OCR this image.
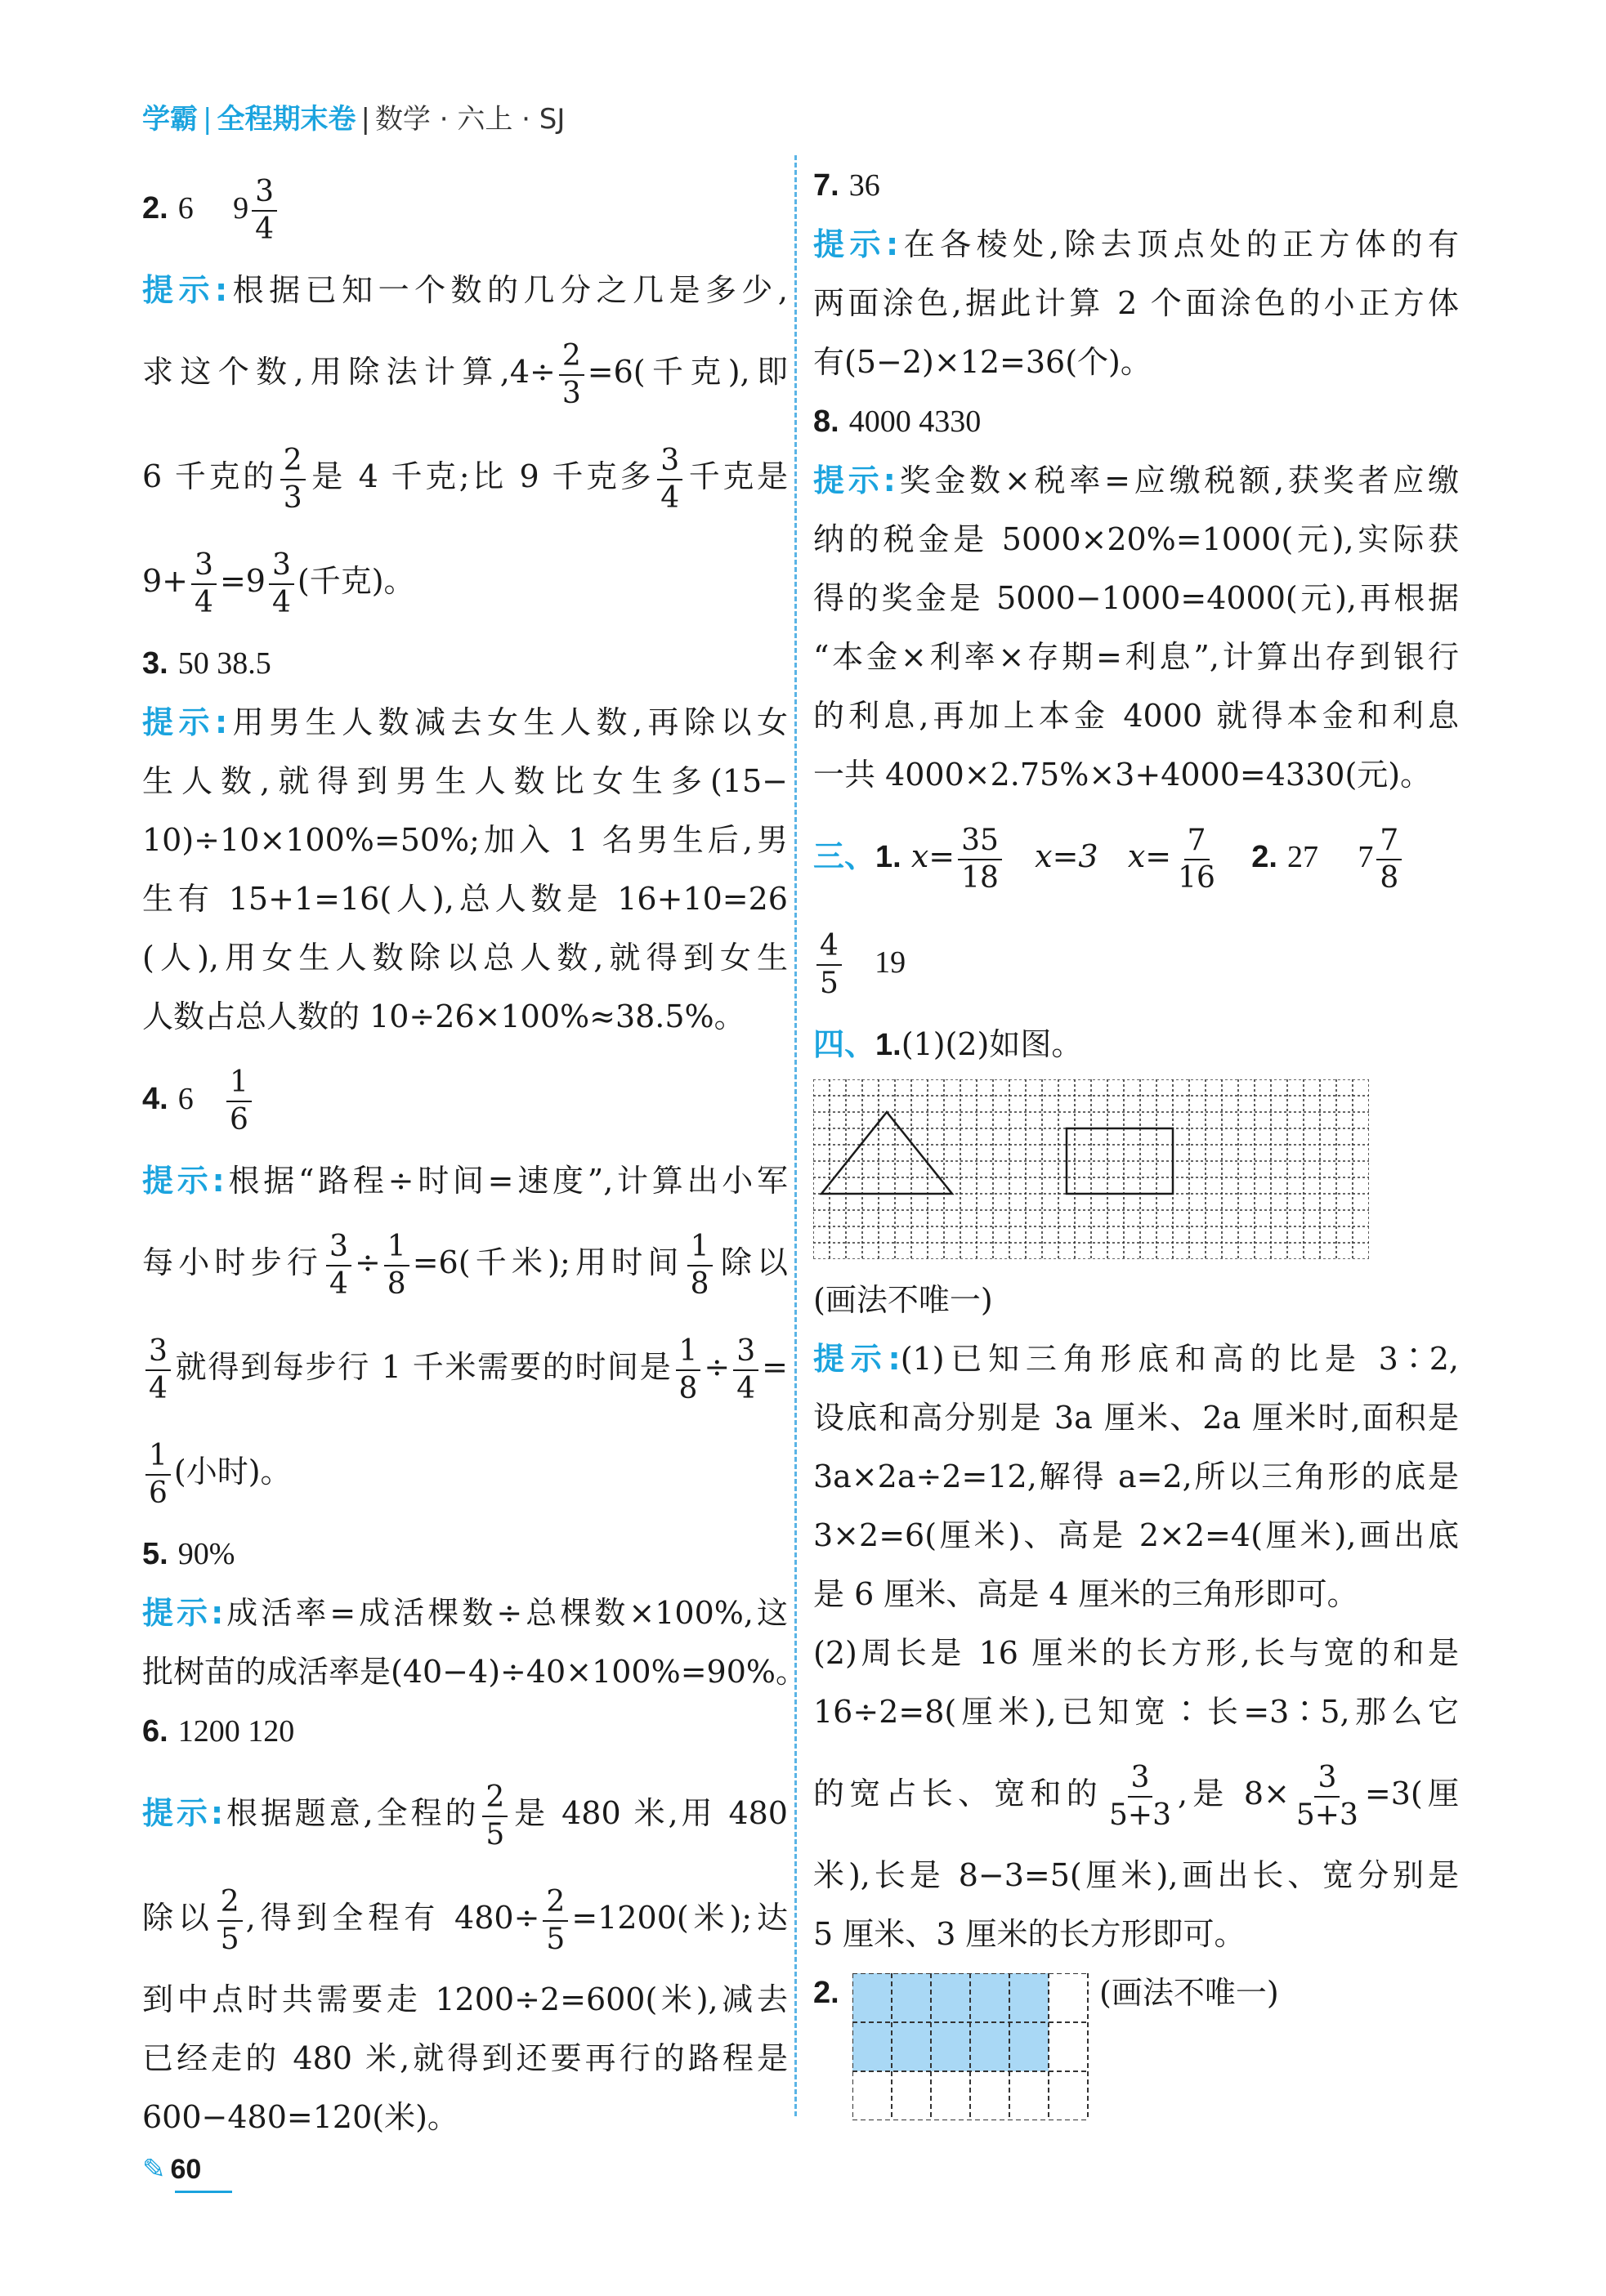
学霸 | 全程期末卷 | 数学 · 六上 · SJ
2. 6 $9 \frac{3}{4}$
提示:根据已知一个数的几分之几是多少,
求这个数,用除法计算$,4\div \frac{2}{3} =6$(千克),即
6 千克的 $\frac{2}{3}$ 是 4 千克;比 9 千克多 $\frac{3}{4}$ 千克是
$9+ \frac{3}{4} =9 \frac{3}{4}$ (千克)。
3. 50 38.5
提示:用男生人数减去女生人数,再除以女
生人数,就得到男生人数比女生多(15−
10)÷10×100%=50%;加入 1 名男生后,男
生有 15+1=16(人),总人数是 16+10=26
(人),用女生人数除以总人数,就得到女生
人数占总人数的 10÷26×100%≈38.5%。
4. $6 \frac{1}{6}$
提示:根据“路程÷时间=速度”,计算出小军
每小时步行 $\frac{3}{4} \div \frac{1}{8} =6$(千米);用时间 $\frac{1}{8}$ 除以
$\frac{3}{4}$ 就得到每步行 1 千米需要的时间是 $\frac{1}{8} \div \frac{3}{4}$ =
$\frac{1}{6}$ (小时)。
5. 90%
提示:成活率=成活棵数÷总棵数×100%,这
批树苗的成活率是(40−4)÷40×100%=90%。
6. 1200 120
提示:根据题意,全程的 $\frac{2}{5}$ 是 480 米,用 480
除以 $\frac{2}{5}$ ,得到全程有 $480\div \frac{2}{5} =1200$(米);达
到中点时共需要走 1200÷2=600(米),减去
已经走的 480 米,就得到还要再行的路程是
600−480=120(米)。
7. 36
提示:在各棱处,除去顶点处的正方体的有
两面涂色,据此计算 2 个面涂色的小正方体
有(5−2)×12=36(个)。
8. 4000 4330
提示:奖金数×税率=应缴税额,获奖者应缴
纳的税金是 5000×20%=1000(元),实际获
得的奖金是 5000−1000=4000(元),再根据
“本金×利率×存期=利息”,计算出存到银行
的利息,再加上本金 4000 就得本金和利息
一共 4000×2.75%×3+4000=4330(元)。
三、1. $x= \frac{35}{18} x=3$ $x= \frac{7}{16} 2$. 27 $7 \frac{7}{8}$
$\frac{4}{5} 19$
四、1.(1)(2)如图。
(画法不唯一)
提示:(1)已知三角形底和高的比是 3∶2,
设底和高分别是 3a 厘米、2a 厘米时,面积是
3a×2a÷2=12,解得 a=2,所以三角形的底是
3×2=6(厘米)、高是 2×2=4(厘米),画出底
是 6 厘米、高是 4 厘米的三角形即可。
(2)周长是 16 厘米的长方形,长与宽的和是
16÷2=8(厘米),已知宽∶长=3∶5,那么它
的宽占长、宽和的 $\frac{3}{5+3}$ ,是 $8\times \frac{3}{5+3} =3$(厘
米),长是 8−3=5(厘米),画出长、宽分别是
5 厘米、3 厘米的长方形即可。
2.	(画法不唯一)
✎ 60
